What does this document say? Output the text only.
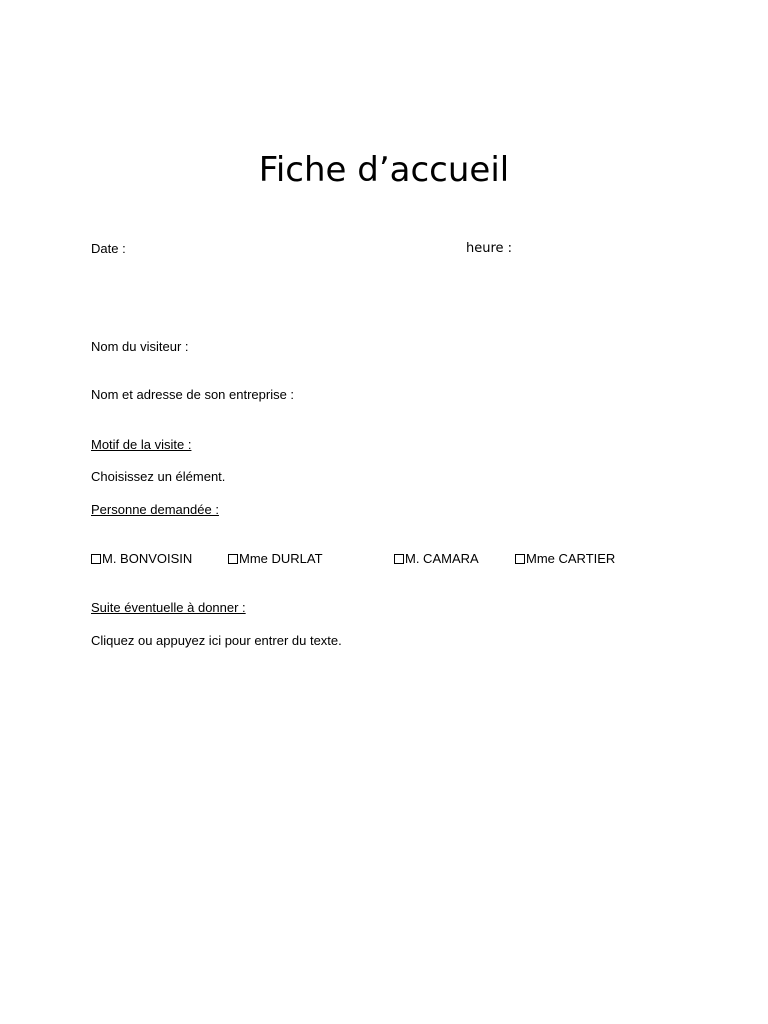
Fiche d’accueil
Date :	heure :
Nom du visiteur :
Nom et adresse de son entreprise :
Motif de la visite :
Choisissez un élément.
Personne demandée :
M. BONVOISIN	Mme DURLAT	M. CAMARA	Mme CARTIER
Suite éventuelle à donner :
Cliquez ou appuyez ici pour entrer du texte.
